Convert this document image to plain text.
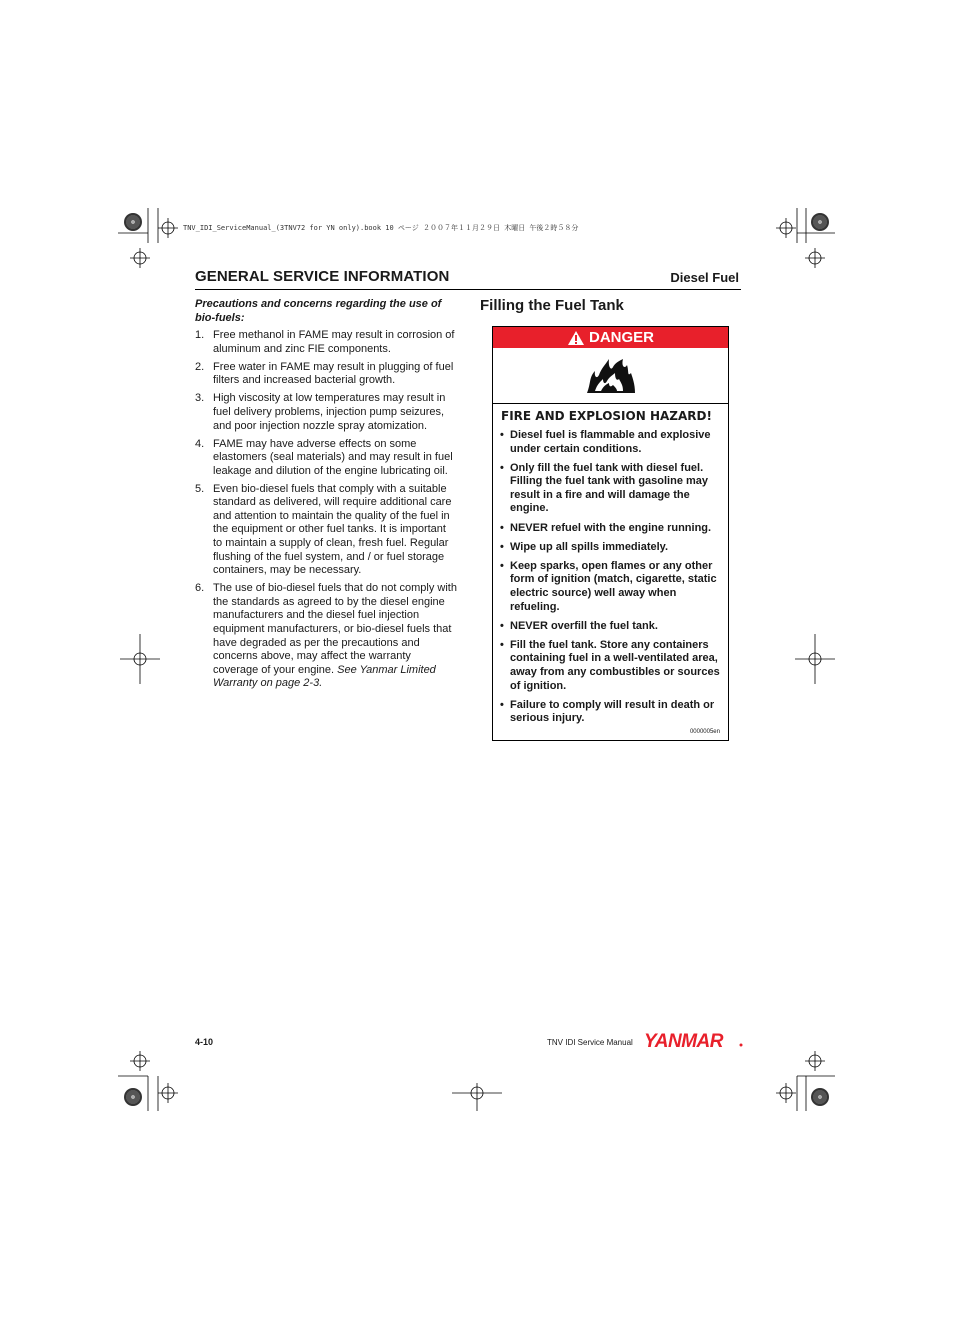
TNV_IDI_ServiceManual_(3TNV72 for YN only).book 10 ページ ２００７年１１月２９日 木曜日 午後２時５８分
GENERAL SERVICE INFORMATION	Diesel Fuel
Precautions and concerns regarding the use of bio-fuels:
1. Free methanol in FAME may result in corrosion of aluminum and zinc FIE components.
2. Free water in FAME may result in plugging of fuel filters and increased bacterial growth.
3. High viscosity at low temperatures may result in fuel delivery problems, injection pump seizures, and poor injection nozzle spray atomization.
4. FAME may have adverse effects on some elastomers (seal materials) and may result in fuel leakage and dilution of the engine lubricating oil.
5. Even bio-diesel fuels that comply with a suitable standard as delivered, will require additional care and attention to maintain the quality of the fuel in the equipment or other fuel tanks. It is important to maintain a supply of clean, fresh fuel. Regular flushing of the fuel system, and / or fuel storage containers, may be necessary.
6. The use of bio-diesel fuels that do not comply with the standards as agreed to by the diesel engine manufacturers and the diesel fuel injection equipment manufacturers, or bio-diesel fuels that have degraded as per the precautions and concerns above, may affect the warranty coverage of your engine. See Yanmar Limited Warranty on page 2-3.
Filling the Fuel Tank
DANGER
FIRE AND EXPLOSION HAZARD!
• Diesel fuel is flammable and explosive under certain conditions.
• Only fill the fuel tank with diesel fuel. Filling the fuel tank with gasoline may result in a fire and will damage the engine.
• NEVER refuel with the engine running.
• Wipe up all spills immediately.
• Keep sparks, open flames or any other form of ignition (match, cigarette, static electric source) well away when refueling.
• NEVER overfill the fuel tank.
• Fill the fuel tank. Store any containers containing fuel in a well-ventilated area, away from any combustibles or sources of ignition.
• Failure to comply will result in death or serious injury.
0000005en
4-10	TNV IDI Service Manual YANMAR
